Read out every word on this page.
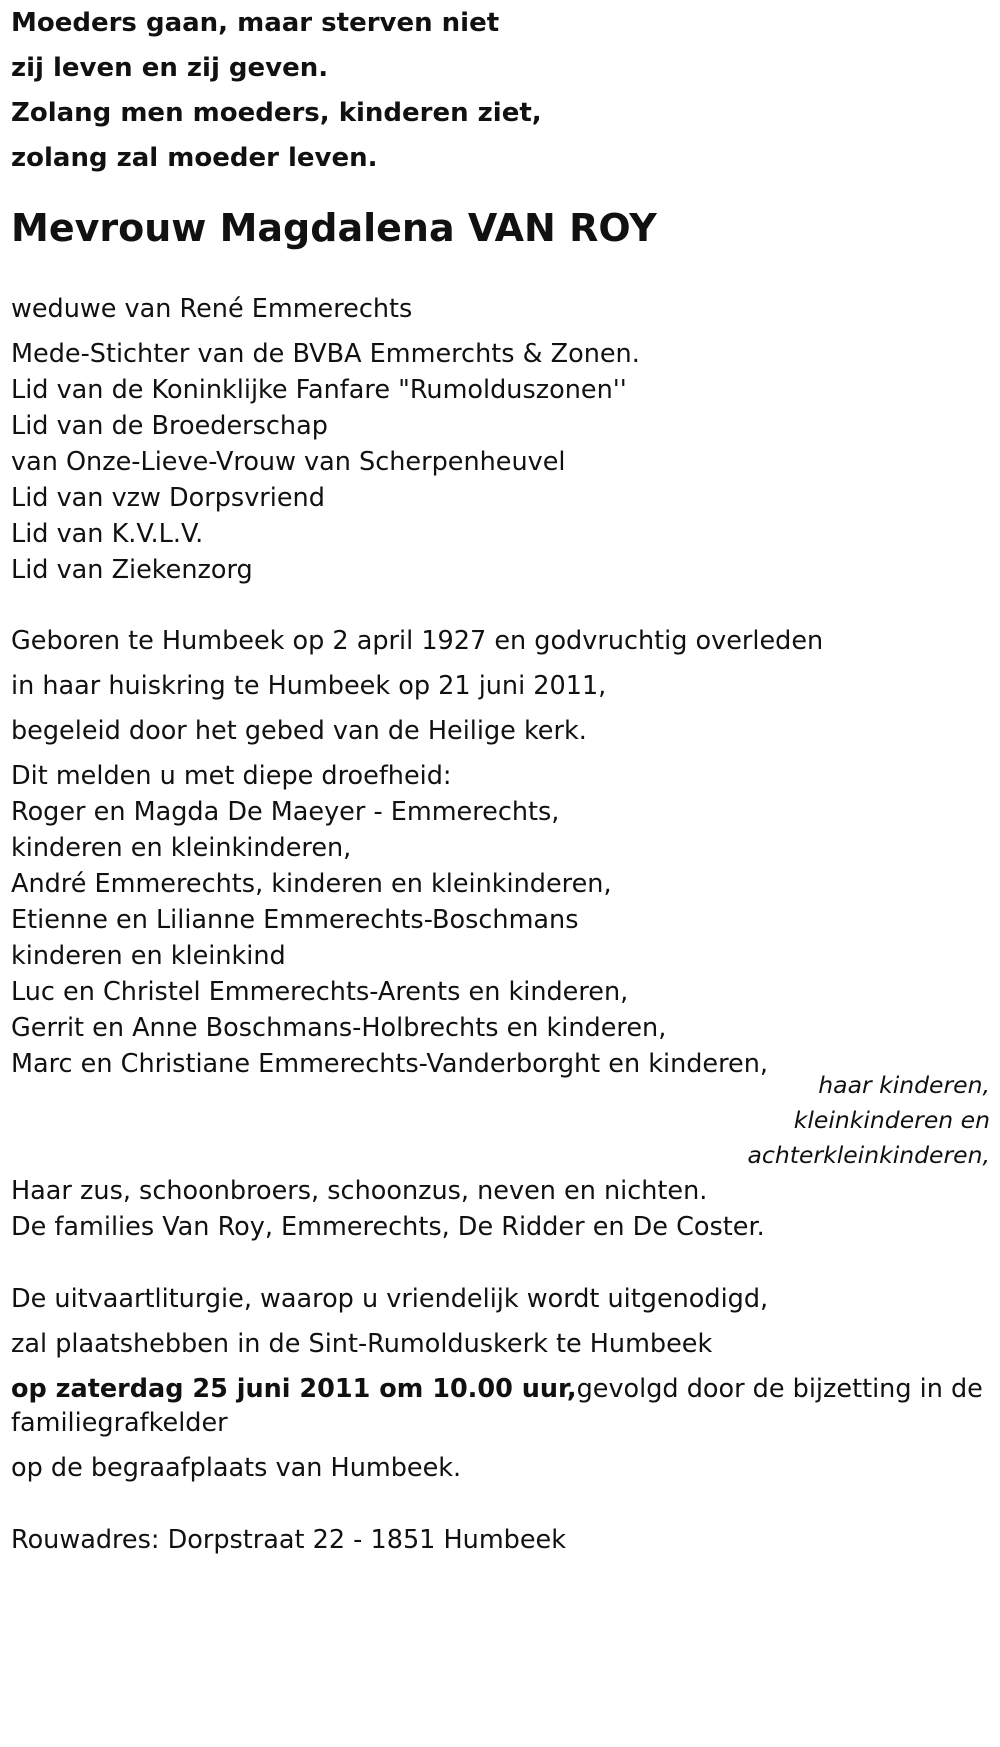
Moeders gaan, maar sterven niet

zij leven en zij geven.

Zolang men moeders, kinderen ziet,

zolang zal moeder leven.

Mevrouw Magdalena VAN ROY

weduwe van René Emmerechts

Mede-Stichter van de BVBA Emmerchts & Zonen.

Lid van de Koninklijke Fanfare "Rumolduszonen''

Lid van de Broederschap

van Onze-Lieve-Vrouw van Scherpenheuvel

Lid van vzw Dorpsvriend

Lid van K.V.L.V.

Lid van Ziekenzorg

Geboren te Humbeek op 2 april 1927 en godvruchtig overleden

in haar huiskring te Humbeek op 21 juni 2011,

begeleid door het gebed van de Heilige kerk.

Dit melden u met diepe droefheid:

Roger en Magda De Maeyer - Emmerechts,

kinderen en kleinkinderen,

André Emmerechts, kinderen en kleinkinderen,

Etienne en Lilianne Emmerechts-Boschmans

kinderen en kleinkind

Luc en Christel Emmerechts-Arents en kinderen,

Gerrit en Anne Boschmans-Holbrechts en kinderen,

Marc en Christiane Emmerechts-Vanderborght en kinderen,

haar kinderen,

kleinkinderen en

achterkleinkinderen,

Haar zus, schoonbroers, schoonzus, neven en nichten.

De families Van Roy, Emmerechts, De Ridder en De Coster.

De uitvaartliturgie, waarop u vriendelijk wordt uitgenodigd,

zal plaatshebben in de Sint-Rumolduskerk te Humbeek

op zaterdag 25 juni 2011 om 10.00 uur,gevolgd door de bijzetting in de

familiegrafkelder

op de begraafplaats van Humbeek.

Rouwadres: Dorpstraat 22 - 1851 Humbeek
